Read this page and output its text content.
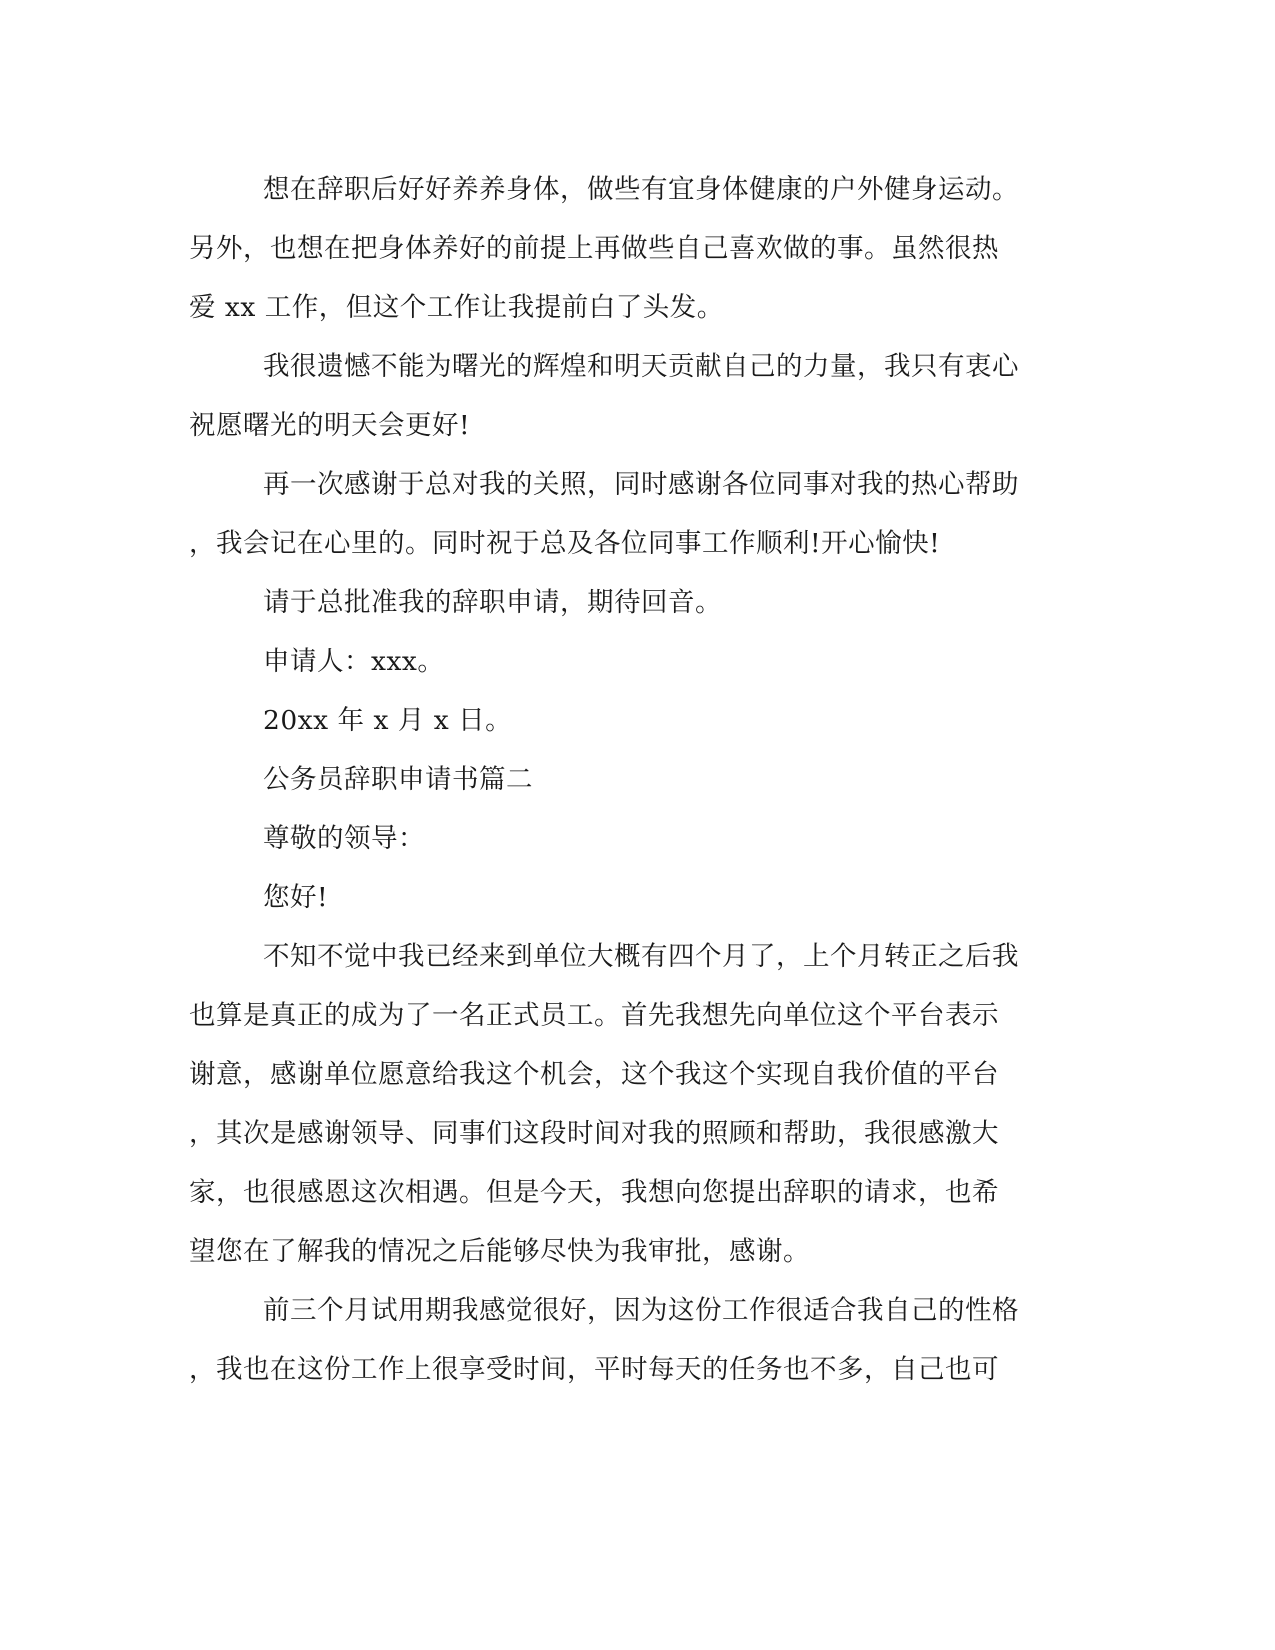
想在辞职后好好养养身体，做些有宜身体健康的户外健身运动。
另外，也想在把身体养好的前提上再做些自己喜欢做的事。虽然很热
爱 xx 工作，但这个工作让我提前白了头发。
我很遗憾不能为曙光的辉煌和明天贡献自己的力量，我只有衷心
祝愿曙光的明天会更好!
再一次感谢于总对我的关照，同时感谢各位同事对我的热心帮助
，我会记在心里的。同时祝于总及各位同事工作顺利!开心愉快!
请于总批准我的辞职申请，期待回音。
申请人：xxx。
20xx 年 x 月 x 日。
公务员辞职申请书篇二
尊敬的领导：
您好!
不知不觉中我已经来到单位大概有四个月了，上个月转正之后我
也算是真正的成为了一名正式员工。首先我想先向单位这个平台表示
谢意，感谢单位愿意给我这个机会，这个我这个实现自我价值的平台
，其次是感谢领导、同事们这段时间对我的照顾和帮助，我很感激大
家，也很感恩这次相遇。但是今天，我想向您提出辞职的请求，也希
望您在了解我的情况之后能够尽快为我审批，感谢。
前三个月试用期我感觉很好，因为这份工作很适合我自己的性格
，我也在这份工作上很享受时间，平时每天的任务也不多，自己也可
